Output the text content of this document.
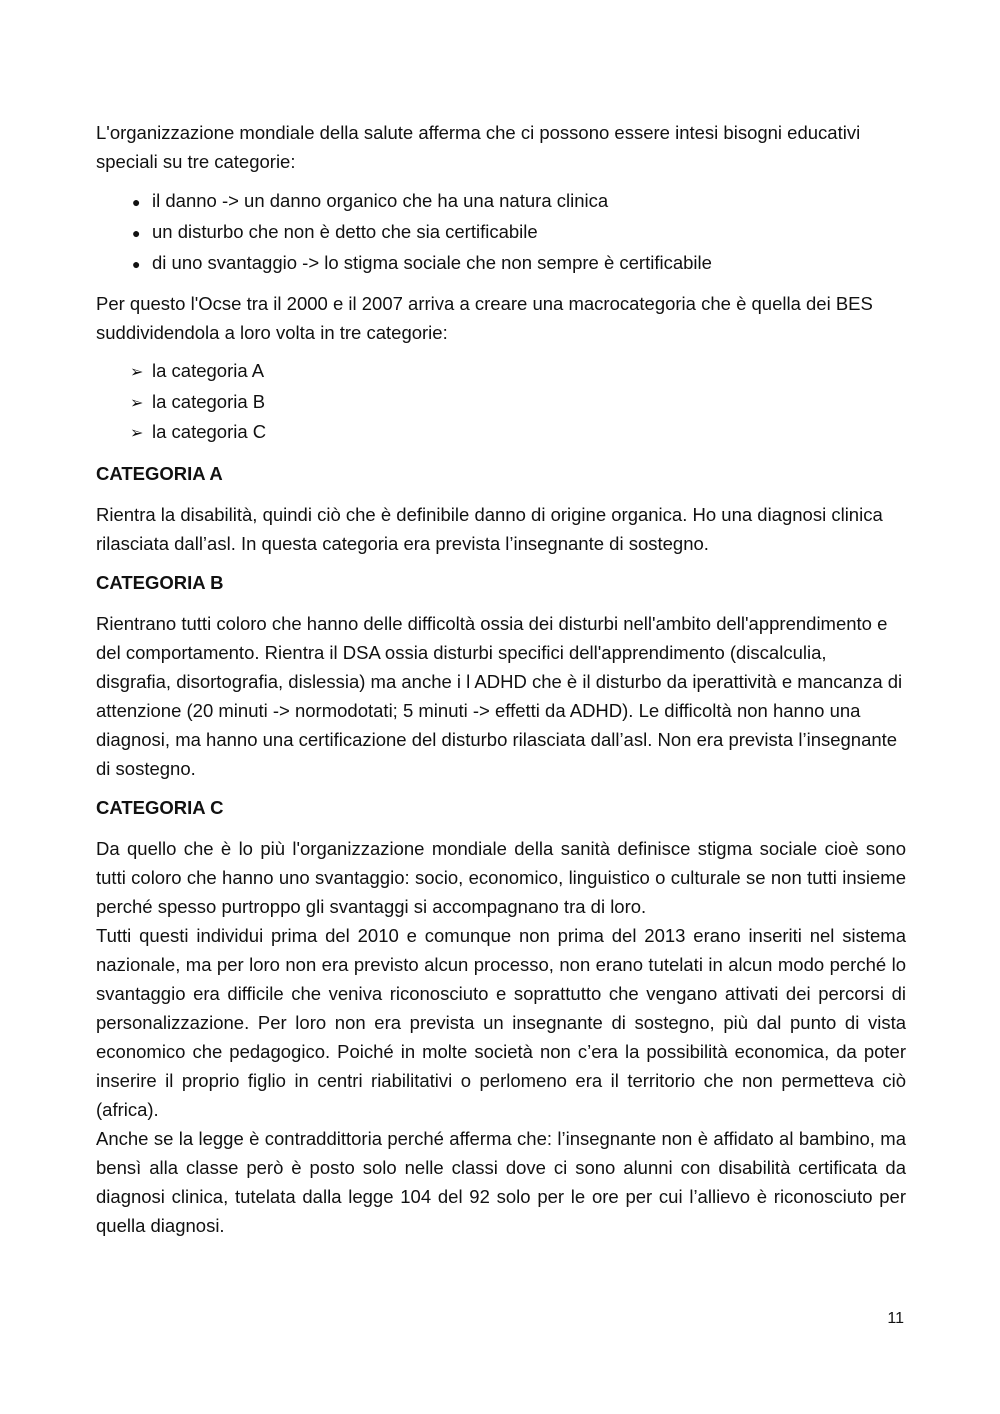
L'organizzazione mondiale della salute afferma che ci possono essere intesi bisogni educativi speciali su tre categorie:

● il danno -> un danno organico che ha una natura clinica
● un disturbo che non è detto che sia certificabile
● di uno svantaggio -> lo stigma sociale che non sempre è certificabile

Per questo l'Ocse tra il 2000 e il 2007 arriva a creare una macrocategoria che è quella dei BES suddividendola a loro volta in tre categorie:

➢ la categoria A
➢ la categoria B
➢ la categoria C

CATEGORIA A

Rientra la disabilità, quindi ciò che è definibile danno di origine organica. Ho una diagnosi clinica rilasciata dall’asl. In questa categoria era prevista l’insegnante di sostegno.

CATEGORIA B

Rientrano tutti coloro che hanno delle difficoltà ossia dei disturbi nell'ambito dell'apprendimento e del comportamento. Rientra il DSA ossia disturbi specifici dell'apprendimento (discalculia, disgrafia, disortografia, dislessia) ma anche i l ADHD che è il disturbo da iperattività e mancanza di attenzione (20 minuti -> normodotati; 5 minuti -> effetti da ADHD). Le difficoltà non hanno una diagnosi, ma hanno una certificazione del disturbo rilasciata dall’asl. Non era prevista l’insegnante di sostegno.

CATEGORIA C

Da quello che è lo più l'organizzazione mondiale della sanità definisce stigma sociale cioè sono tutti coloro che hanno uno svantaggio: socio, economico, linguistico o culturale se non tutti insieme perché spesso purtroppo gli svantaggi si accompagnano tra di loro.

Tutti questi individui prima del 2010 e comunque non prima del 2013 erano inseriti nel sistema nazionale, ma per loro non era previsto alcun processo, non erano tutelati in alcun modo perché lo svantaggio era difficile che veniva riconosciuto e soprattutto che vengano attivati dei percorsi di personalizzazione. Per loro non era prevista un insegnante di sostegno, più dal punto di vista economico che pedagogico. Poiché in molte società non c’era la possibilità economica, da poter inserire il proprio figlio in centri riabilitativi o perlomeno era il territorio che non permetteva ciò (africa).

Anche se la legge è contraddittoria perché afferma che: l’insegnante non è affidato al bambino, ma bensì alla classe però è posto solo nelle classi dove ci sono alunni con disabilità certificata da diagnosi clinica, tutelata dalla legge 104 del 92 solo per le ore per cui l’allievo è riconosciuto per quella diagnosi.

11
